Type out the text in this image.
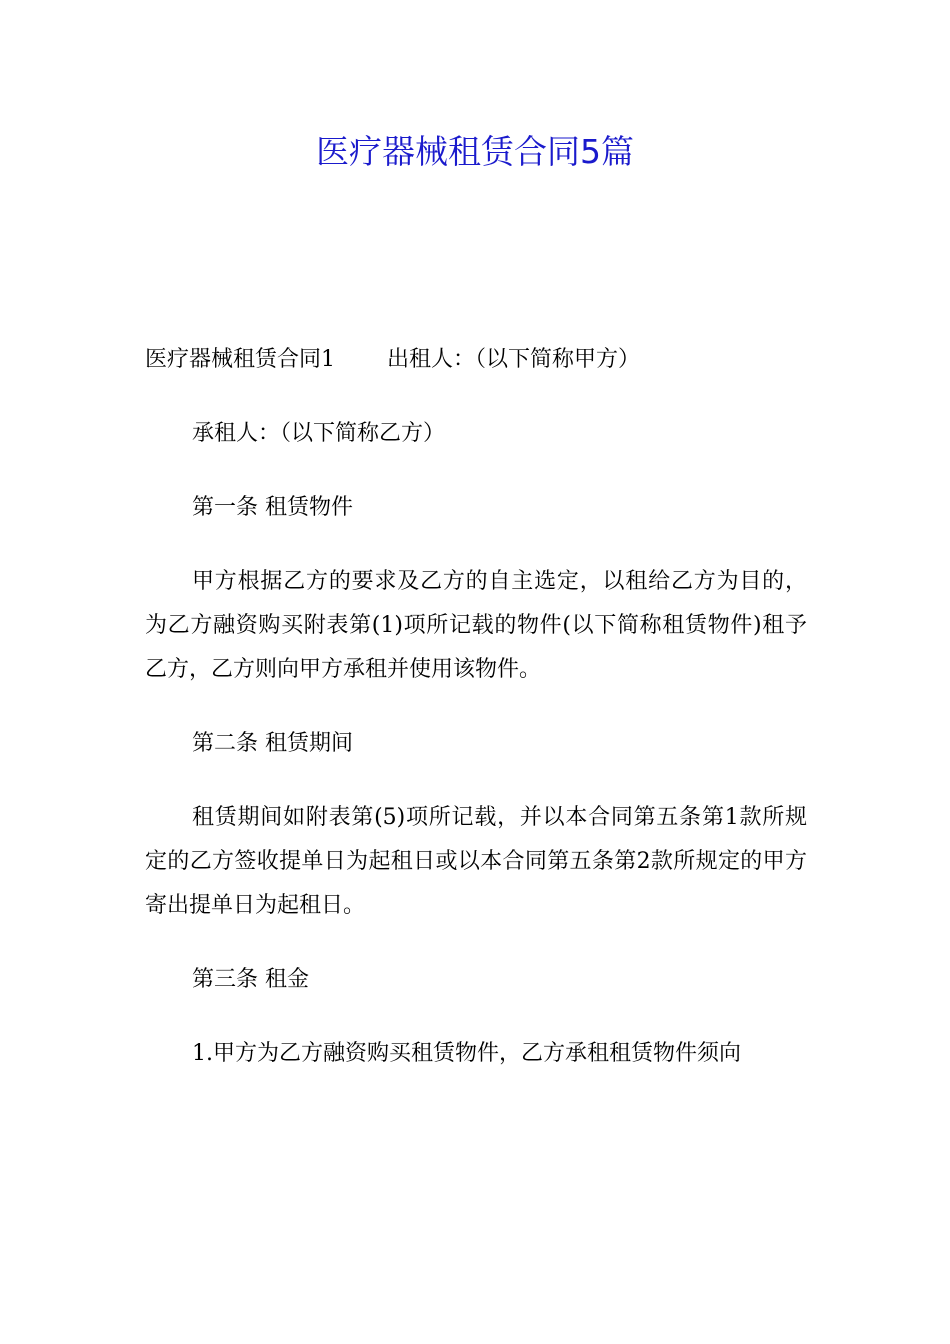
医疗器械租赁合同5篇

医疗器械租赁合同1 出租人：（以下简称甲方）

承租人：（以下简称乙方）

第一条 租赁物件

甲方根据乙方的要求及乙方的自主选定，以租给乙方为目的，为乙方融资购买附表第(1)项所记载的物件(以下简称租赁物件)租予乙方，乙方则向甲方承租并使用该物件。

第二条 租赁期间

租赁期间如附表第(5)项所记载，并以本合同第五条第1款所规定的乙方签收提单日为起租日或以本合同第五条第2款所规定的甲方寄出提单日为起租日。

第三条 租金

1.甲方为乙方融资购买租赁物件，乙方承租租赁物件须向
